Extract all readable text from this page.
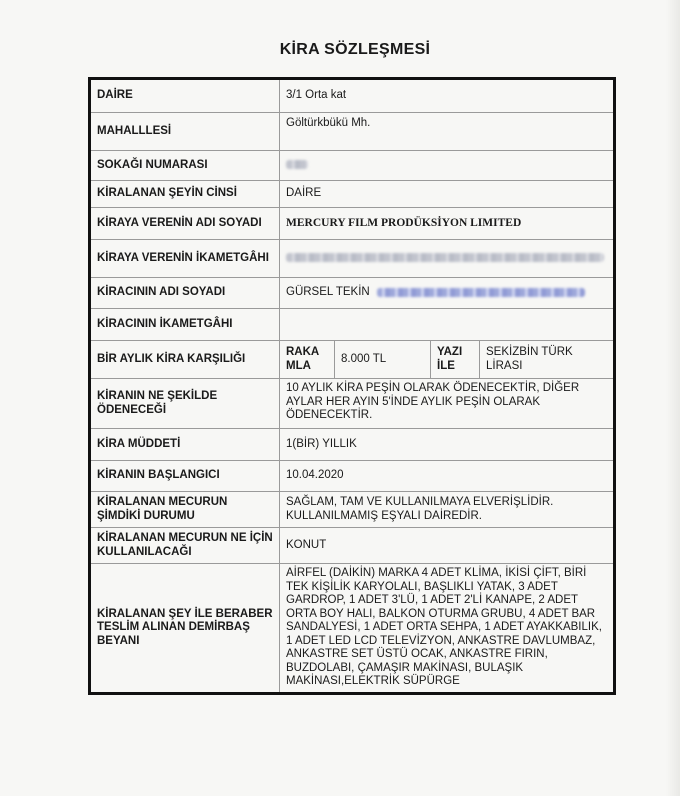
KİRA SÖZLEŞMESİ
DAİRE	3/1 Orta kat			
MAHALLLESİ	Göltürkbükü Mh.			
SOKAĞI NUMARASI				
KİRALANAN ŞEYİN CİNSİ	DAİRE			
KİRAYA VERENİN ADI SOYADI	MERCURY FILM PRODÜKSİYON LIMITED			
KİRAYA VERENİN İKAMETGÂHI				
KİRACININ ADI SOYADI	GÜRSEL TEKİN			
KİRACININ İKAMETGÂHI				
BİR AYLIK KİRA KARŞILIĞI	RAKA MLA	8.000 TL	YAZI İLE	SEKİZBİN TÜRK LİRASI
KİRANIN NE ŞEKİLDE ÖDENECEĞİ	10 AYLIK KİRA PEŞİN OLARAK ÖDENECEKTİR, DİĞER AYLAR HER AYIN 5'İNDE AYLIK PEŞİN OLARAK ÖDENECEKTİR.			
KİRA MÜDDETİ	1(BİR) YILLIK			
KİRANIN BAŞLANGICI	10.04.2020			
KİRALANAN MECURUN ŞİMDİKİ DURUMU	SAĞLAM, TAM VE KULLANILMAYA ELVERİŞLİDİR. KULLANILMAMIŞ EŞYALI DAİREDİR.			
KİRALANAN MECURUN NE İÇİN KULLANILACAĞI	KONUT			
KİRALANAN ŞEY İLE BERABER TESLİM ALINAN DEMİRBAŞ BEYANI	AİRFEL (DAİKİN) MARKA 4 ADET KLİMA, İKİSİ ÇİFT, BİRİ TEK KİŞİLİK KARYOLALI, BAŞLIKLI YATAK, 3 ADET GARDROP, 1 ADET 3'LÜ, 1 ADET 2'Lİ KANAPE, 2 ADET ORTA BOY HALI, BALKON OTURMA GRUBU, 4 ADET BAR SANDALYESİ, 1 ADET ORTA SEHPA, 1 ADET AYAKKABILIK, 1 ADET LED LCD TELEVİZYON, ANKASTRE DAVLUMBAZ, ANKASTRE SET ÜSTÜ OCAK, ANKASTRE FIRIN, BUZDOLABI, ÇAMAŞIR MAKİNASI, BULAŞIK MAKİNASI,ELEKTRİK SÜPÜRGE			
